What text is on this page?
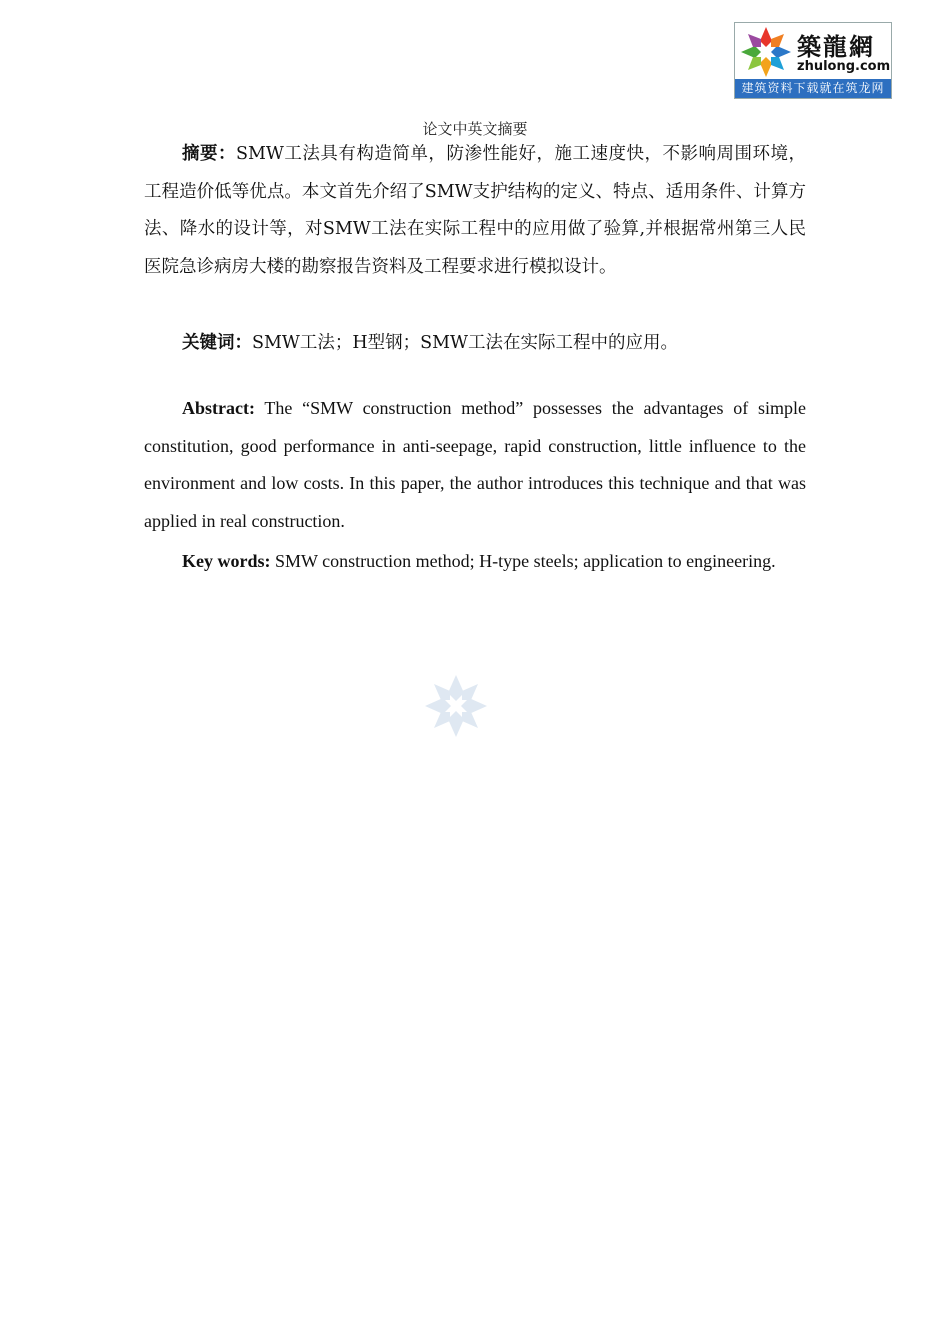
築龍網
zhulong.com
建筑资料下载就在筑龙网
论文中英文摘要

摘要：SMW工法具有构造简单，防渗性能好，施工速度快，不影响周围环境，工程造价低等优点。本文首先介绍了SMW支护结构的定义、特点、适用条件、计算方法、降水的设计等，对SMW工法在实际工程中的应用做了验算,并根据常州第三人民医院急诊病房大楼的勘察报告资料及工程要求进行模拟设计。

关键词：SMW工法；H型钢；SMW工法在实际工程中的应用。

Abstract: The “SMW construction method” possesses the advantages of simple constitution, good performance in anti-seepage, rapid construction, little influence to the environment and low costs. In this paper, the author introduces this technique and that was applied in real construction.

Key words: SMW construction method; H-type steels; application to engineering.
